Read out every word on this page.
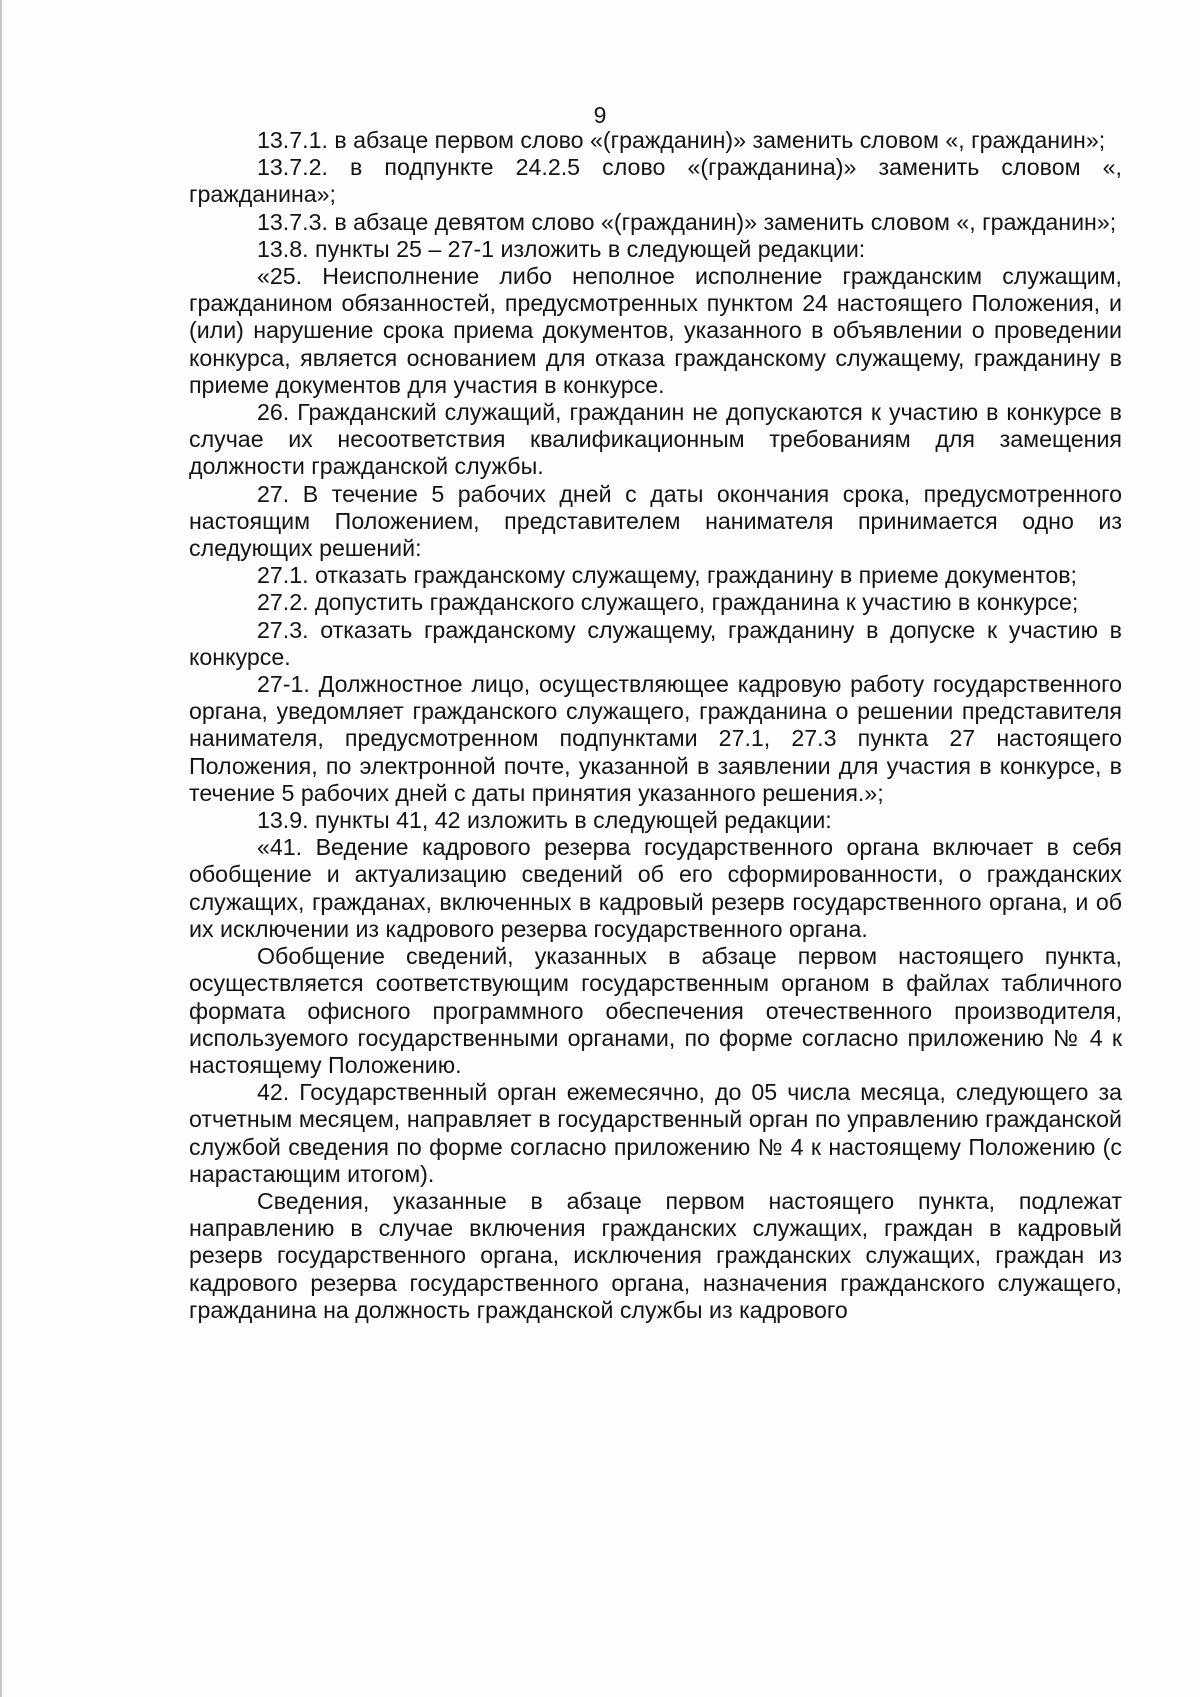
9

13.7.1. в абзаце первом слово «(гражданин)» заменить словом «, гражданин»;

13.7.2. в подпункте 24.2.5 слово «(гражданина)» заменить словом «, гражданина»;

13.7.3. в абзаце девятом слово «(гражданин)» заменить словом «, гражданин»;

13.8. пункты 25 – 27-1 изложить в следующей редакции:

«25. Неисполнение либо неполное исполнение гражданским служащим, гражданином обязанностей, предусмотренных пунктом 24 настоящего Положения, и (или) нарушение срока приема документов, указанного в объявлении о проведении конкурса, является основанием для отказа гражданскому служащему, гражданину в приеме документов для участия в конкурсе.

26. Гражданский служащий, гражданин не допускаются к участию в конкурсе в случае их несоответствия квалификационным требованиям для замещения должности гражданской службы.

27. В течение 5 рабочих дней с даты окончания срока, предусмотренного настоящим Положением, представителем нанимателя принимается одно из следующих решений:

27.1. отказать гражданскому служащему, гражданину в приеме документов;

27.2. допустить гражданского служащего, гражданина к участию в конкурсе;

27.3. отказать гражданскому служащему, гражданину в допуске к участию в конкурсе.

27-1. Должностное лицо, осуществляющее кадровую работу государственного органа, уведомляет гражданского служащего, гражданина о решении представителя нанимателя, предусмотренном подпунктами 27.1, 27.3 пункта 27 настоящего Положения, по электронной почте, указанной в заявлении для участия в конкурсе, в течение 5 рабочих дней с даты принятия указанного решения.»;

13.9. пункты 41, 42 изложить в следующей редакции:

«41. Ведение кадрового резерва государственного органа включает в себя обобщение и актуализацию сведений об его сформированности, о гражданских служащих, гражданах, включенных в кадровый резерв государственного органа, и об их исключении из кадрового резерва государственного органа.

Обобщение сведений, указанных в абзаце первом настоящего пункта, осуществляется соответствующим государственным органом в файлах табличного формата офисного программного обеспечения отечественного производителя, используемого государственными органами, по форме согласно приложению № 4 к настоящему Положению.

42. Государственный орган ежемесячно, до 05 числа месяца, следующего за отчетным месяцем, направляет в государственный орган по управлению гражданской службой сведения по форме согласно приложению № 4 к настоящему Положению (с нарастающим итогом).

Сведения, указанные в абзаце первом настоящего пункта, подлежат направлению в случае включения гражданских служащих, граждан в кадровый резерв государственного органа, исключения гражданских служащих, граждан из кадрового резерва государственного органа, назначения гражданского служащего, гражданина на должность гражданской службы из кадрового
